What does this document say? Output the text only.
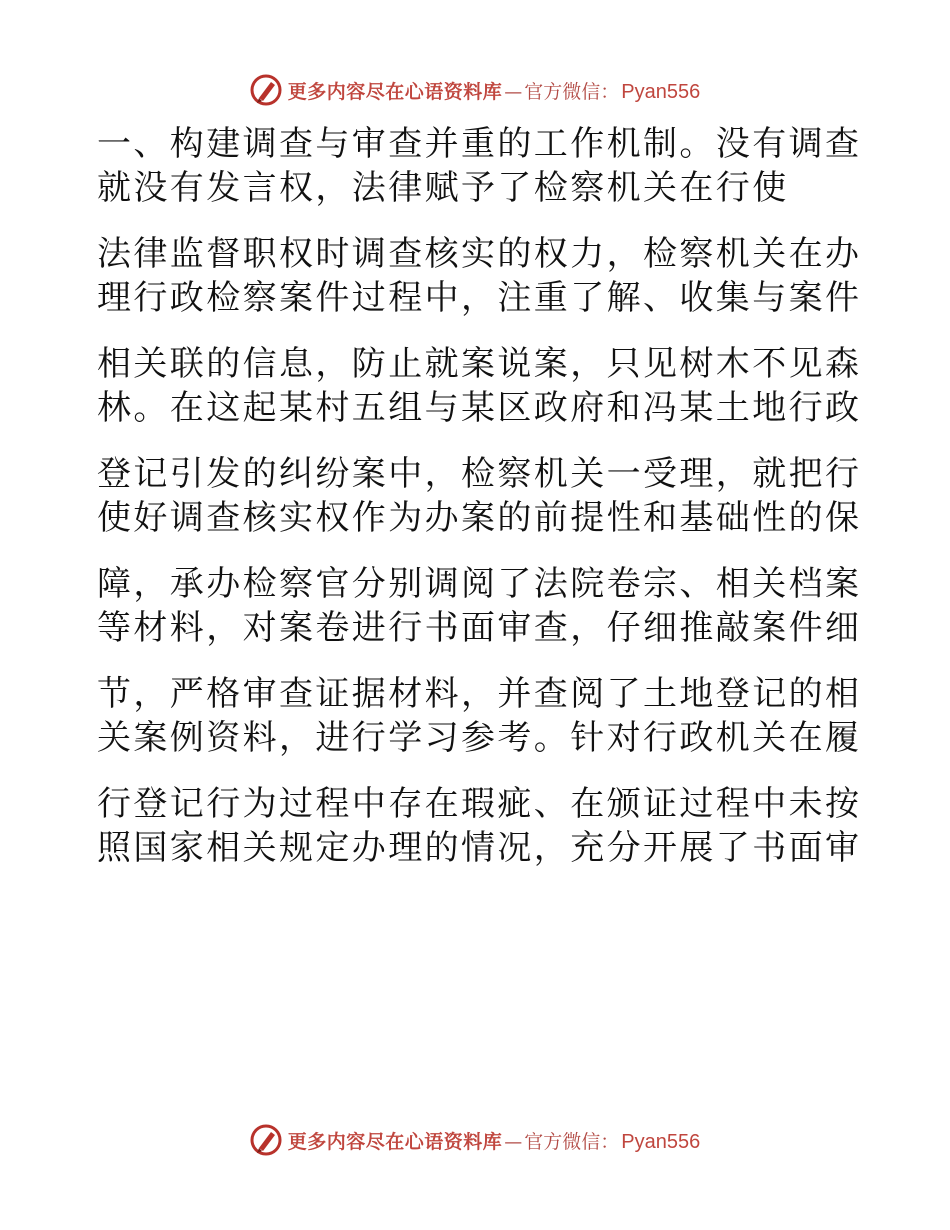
更多内容尽在心语资料库 — 官方微信： Pyan556
一、构建调查与审查并重的工作机制。没有调查
就没有发言权，法律赋予了检察机关在行使
法律监督职权时调查核实的权力，检察机关在办
理行政检察案件过程中，注重了解、收集与案件
相关联的信息，防止就案说案，只见树木不见森
林。在这起某村五组与某区政府和冯某土地行政
登记引发的纠纷案中，检察机关一受理，就把行
使好调查核实权作为办案的前提性和基础性的保
障，承办检察官分别调阅了法院卷宗、相关档案
等材料，对案卷进行书面审查，仔细推敲案件细
节，严格审查证据材料，并查阅了土地登记的相
关案例资料，进行学习参考。针对行政机关在履
行登记行为过程中存在瑕疵、在颁证过程中未按
照国家相关规定办理的情况，充分开展了书面审
更多内容尽在心语资料库 — 官方微信： Pyan556
